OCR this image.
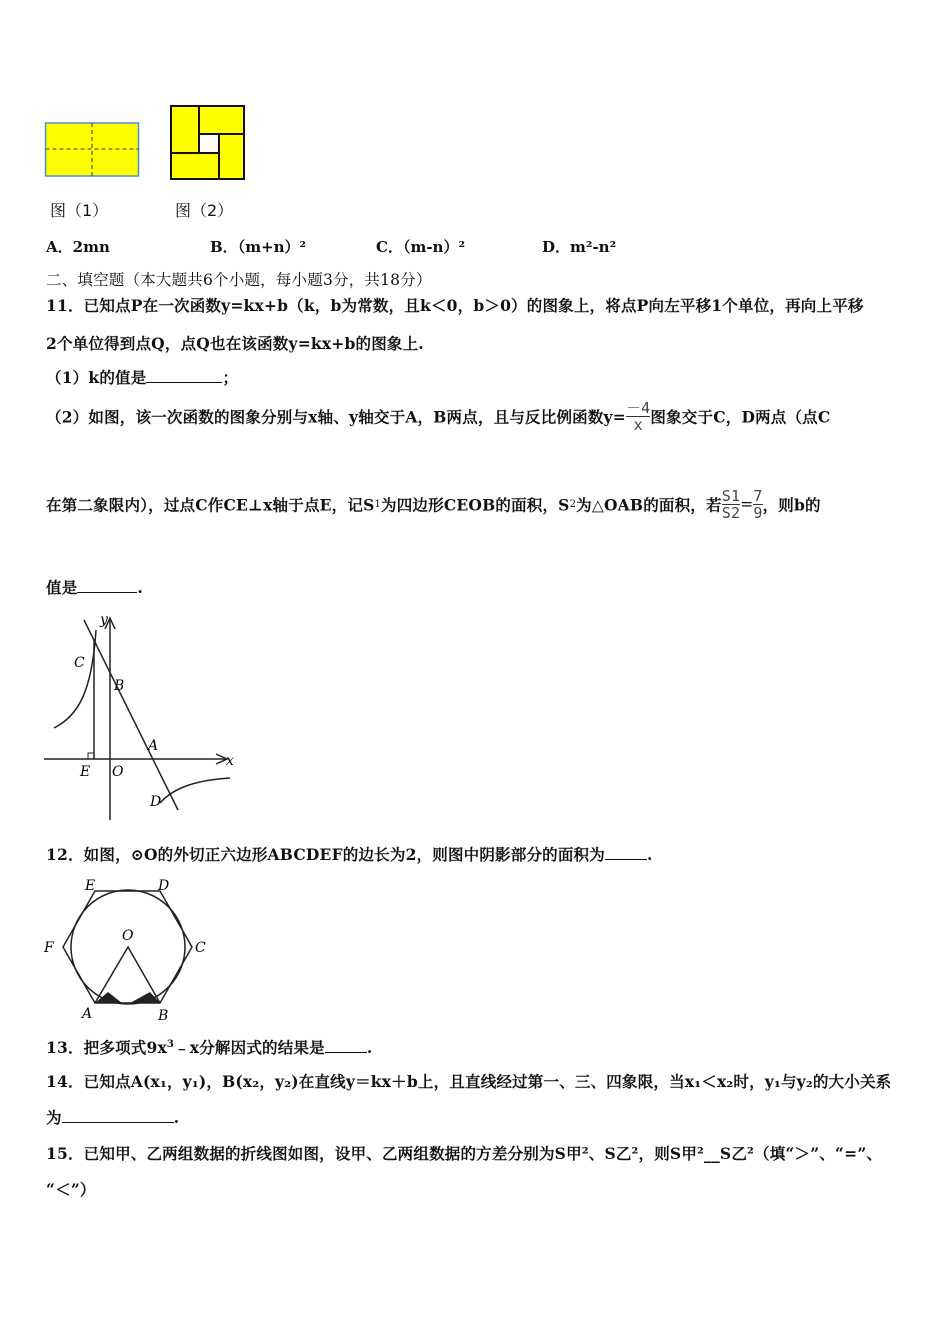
图（1）	图（2）
A．2mn	B．（m+n）²	C．（m-n）²	D．m²-n²
二、填空题（本大题共6个小题，每小题3分，共18分）
11．已知点P在一次函数y=kx+b（k，b为常数，且k＜0，b＞0）的图象上，将点P向左平移1个单位，再向上平移
2个单位得到点Q，点Q也在该函数y=kx+b的图象上.
（1）k的值是	；
（2）如图，该一次函数的图象分别与x轴、y轴交于A，B两点，且与反比例函数$y= \frac{-4}{x}$ 图象交于C，D两点（点C
在第二象限内），过点C作CE⊥x轴于点E，记S1为四边形CEOB的面积，S2为△OAB的面积，若 $\frac{S1}{S2} = \frac{7}{9}$ ，则b的
值是	.
y
x
C
B
A
E O
D
12．如图，⊙O的外切正六边形ABCDEF的边长为2，则图中阴影部分的面积为	.
E	D
F	C
O
A	B
13．把多项式$9x^3﹣x$分解因式的结果是	.
14．已知点A(x₁，y₁)，B(x₂，y₂)在直线y＝kx＋b上，且直线经过第一、三、四象限，当x₁＜x₂时，y₁与y₂的大小关系
为	.
15．已知甲、乙两组数据的折线图如图，设甲、乙两组数据的方差分别为S甲²、S乙²，则S甲²__S乙²（填“＞”、“=”、
“＜”）
